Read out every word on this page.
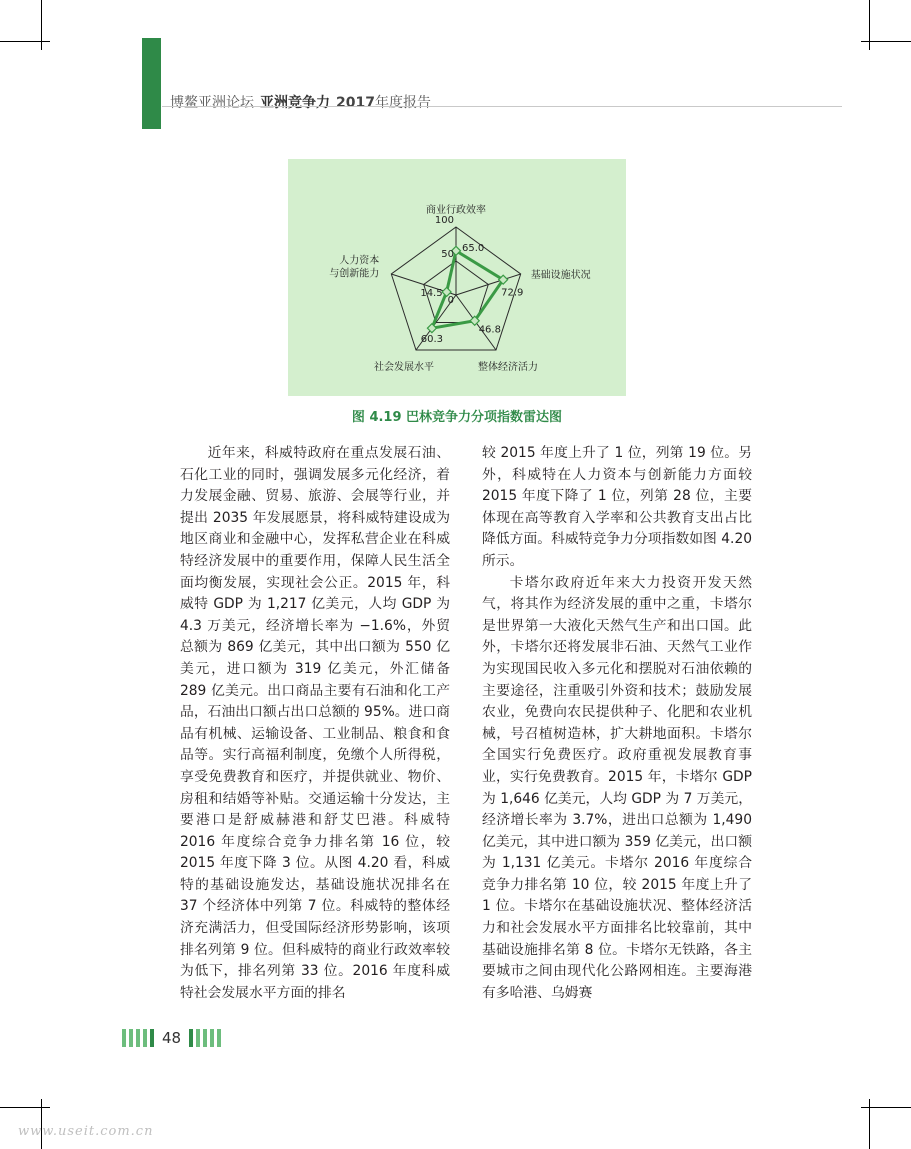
博鳌亚洲论坛 亚洲竞争力 2017年度报告
100
50
0
65.0
72.9
46.8
60.3
14.5
商业行政效率
基础设施状况
整体经济活力
社会发展水平
人力资本
与创新能力
图 4.19 巴林竞争力分项指数雷达图

近年来，科威特政府在重点发展石油、石化工业的同时，强调发展多元化经济，着力发展金融、贸易、旅游、会展等行业，并提出 2035 年发展愿景，将科威特建设成为地区商业和金融中心，发挥私营企业在科威特经济发展中的重要作用，保障人民生活全面均衡发展，实现社会公正。2015 年，科威特 GDP 为 1,217 亿美元，人均 GDP 为 4.3 万美元，经济增长率为 −1.6%，外贸总额为 869 亿美元，其中出口额为 550 亿美元，进口额为 319 亿美元，外汇储备 289 亿美元。出口商品主要有石油和化工产品，石油出口额占出口总额的 95%。进口商品有机械、运输设备、工业制品、粮食和食品等。实行高福利制度，免缴个人所得税，享受免费教育和医疗，并提供就业、物价、房租和结婚等补贴。交通运输十分发达，主要港口是舒威赫港和舒艾巴港。科威特 2016 年度综合竞争力排名第 16 位，较 2015 年度下降 3 位。从图 4.20 看，科威特的基础设施发达，基础设施状况排名在 37 个经济体中列第 7 位。科威特的整体经济充满活力，但受国际经济形势影响，该项排名列第 9 位。但科威特的商业行政效率较为低下，排名列第 33 位。2016 年度科威特社会发展水平方面的排名

较 2015 年度上升了 1 位，列第 19 位。另外，科威特在人力资本与创新能力方面较 2015 年度下降了 1 位，列第 28 位，主要体现在高等教育入学率和公共教育支出占比降低方面。科威特竞争力分项指数如图 4.20 所示。

卡塔尔政府近年来大力投资开发天然气，将其作为经济发展的重中之重，卡塔尔是世界第一大液化天然气生产和出口国。此外，卡塔尔还将发展非石油、天然气工业作为实现国民收入多元化和摆脱对石油依赖的主要途径，注重吸引外资和技术；鼓励发展农业，免费向农民提供种子、化肥和农业机械，号召植树造林，扩大耕地面积。卡塔尔全国实行免费医疗。政府重视发展教育事业，实行免费教育。2015 年，卡塔尔 GDP 为 1,646 亿美元，人均 GDP 为 7 万美元，经济增长率为 3.7%，进出口总额为 1,490 亿美元，其中进口额为 359 亿美元，出口额为 1,131 亿美元。卡塔尔 2016 年度综合竞争力排名第 10 位，较 2015 年度上升了 1 位。卡塔尔在基础设施状况、整体经济活力和社会发展水平方面排名比较靠前，其中基础设施排名第 8 位。卡塔尔无铁路，各主要城市之间由现代化公路网相连。主要海港有多哈港、乌姆赛

48
www.useit.com.cn
